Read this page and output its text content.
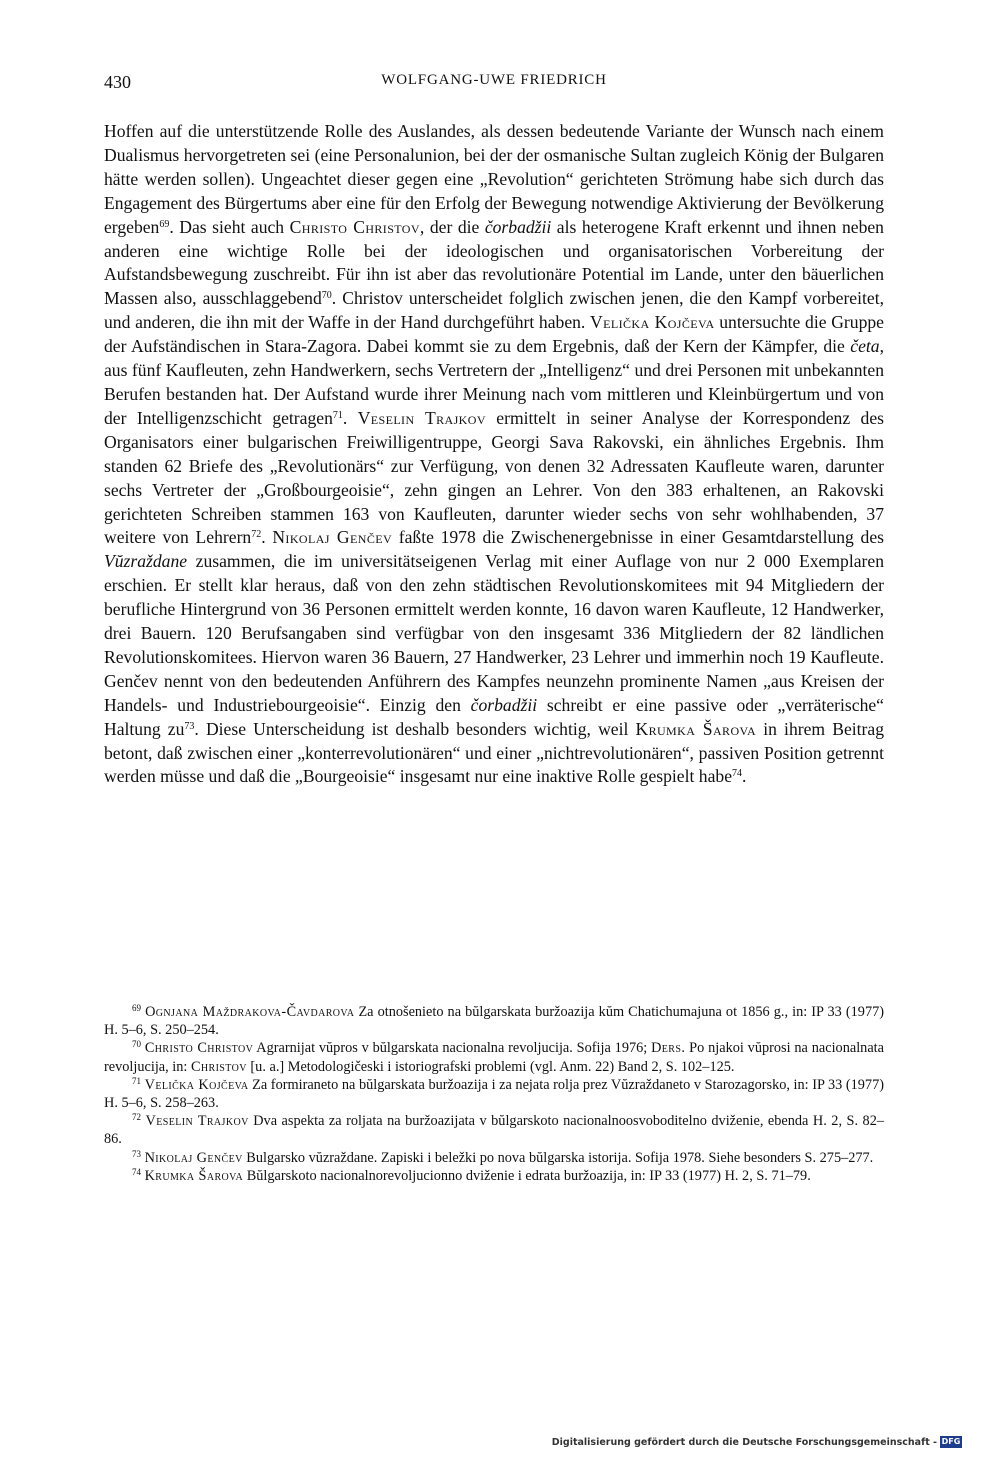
430	WOLFGANG-UWE FRIEDRICH

Hoffen auf die unterstützende Rolle des Auslandes, als dessen bedeutende Variante der Wunsch nach einem Dualismus hervorgetreten sei (eine Personalunion, bei der der osmanische Sultan zugleich König der Bulgaren hätte werden sollen). Ungeachtet dieser gegen eine „Revolution“ gerichteten Strömung habe sich durch das Engagement des Bürgertums aber eine für den Erfolg der Bewegung notwendige Aktivierung der Bevölkerung ergeben$^{69}$. Das sieht auch Christo Christov, der die čorbadžii als heterogene Kraft erkennt und ihnen neben anderen eine wichtige Rolle bei der ideologischen und organisatorischen Vorbereitung der Aufstandsbewegung zuschreibt. Für ihn ist aber das revolutionäre Potential im Lande, unter den bäuerlichen Massen also, ausschlaggebend$^{70}$. Christov unterscheidet folglich zwischen jenen, die den Kampf vorbereitet, und anderen, die ihn mit der Waffe in der Hand durchgeführt haben. Velička Kojčeva untersuchte die Gruppe der Aufständischen in Stara-Zagora. Dabei kommt sie zu dem Ergebnis, daß der Kern der Kämpfer, die četa, aus fünf Kaufleuten, zehn Handwerkern, sechs Vertretern der „Intelligenz“ und drei Personen mit unbekannten Berufen bestanden hat. Der Aufstand wurde ihrer Meinung nach vom mittleren und Kleinbürgertum und von der Intelligenzschicht getragen$^{71}$. Veselin Trajkov ermittelt in seiner Analyse der Korrespondenz des Organisators einer bulgarischen Freiwilligentruppe, Georgi Sava Rakovski, ein ähnliches Ergebnis. Ihm standen 62 Briefe des „Revolutionärs“ zur Verfügung, von denen 32 Adressaten Kaufleute waren, darunter sechs Vertreter der „Großbourgeoisie“, zehn gingen an Lehrer. Von den 383 erhaltenen, an Rakovski gerichteten Schreiben stammen 163 von Kaufleuten, darunter wieder sechs von sehr wohlhabenden, 37 weitere von Lehrern$^{72}$. Nikolaj Genčev faßte 1978 die Zwischenergebnisse in einer Gesamtdarstellung des Vŭzraždane zusammen, die im universitätseigenen Verlag mit einer Auflage von nur 2 000 Exemplaren erschien. Er stellt klar heraus, daß von den zehn städtischen Revolutionskomitees mit 94 Mitgliedern der berufliche Hintergrund von 36 Personen ermittelt werden konnte, 16 davon waren Kaufleute, 12 Handwerker, drei Bauern. 120 Berufsangaben sind verfügbar von den insgesamt 336 Mitgliedern der 82 ländlichen Revolutionskomitees. Hiervon waren 36 Bauern, 27 Handwerker, 23 Lehrer und immerhin noch 19 Kaufleute. Genčev nennt von den bedeutenden Anführern des Kampfes neunzehn prominente Namen „aus Kreisen der Handels- und Industriebourgeoisie“. Einzig den čorbadžii schreibt er eine passive oder „verräterische“ Haltung $zu^{73}$. Diese Unterscheidung ist deshalb besonders wichtig, weil Krumka Šarova in ihrem Beitrag betont, daß zwischen einer „konterrevolutionären“ und einer „nichtrevolutionären“, passiven Position getrennt werden müsse und daß die „Bourgeoisie“ insgesamt nur eine inaktive Rolle gespielt habe$^{74}$.

$^{69}$ Ognjana Maždrakova-Čavdarova Za otnošenieto na bŭlgarskata buržoazija kŭm Chatichumajuna ot 1856 g., in: IP 33 (1977) H. 5–6, S. 250–254.

$^{70}$ Christo Christov Agrarnijat vŭpros v bŭlgarskata nacionalna revoljucija. Sofija 1976; Ders. Po njakoi vŭprosi na nacionalnata revoljucija, in: Christov [u. a.] Metodologičeski i istoriografski problemi (vgl. Anm. 22) Band 2, S. 102–125.

$^{71}$ Velička Kojčeva Za formiraneto na bŭlgarskata buržoazija i za nejata rolja prez Vŭzraždaneto v Starozagorsko, in: IP 33 (1977) H. 5–6, S. 258–263.

$^{72}$ Veselin Trajkov Dva aspekta za roljata na buržoazijata v bŭlgarskoto nacionalnoosvoboditelno dviženie, ebenda H. 2, S. 82–86.

$^{73}$ Nikolaj Genčev Bulgarsko vŭzraždane. Zapiski i beležki po nova bŭlgarska istorija. Sofija 1978. Siehe besonders S. 275–277.

$^{74}$ Krumka Šarova Bŭlgarskoto nacionalnorevoljucionno dviženie i edrata buržoazija, in: IP 33 (1977) H. 2, S. 71–79.

Digitalisierung gefördert durch die Deutsche Forschungsgemeinschaft - DFG
